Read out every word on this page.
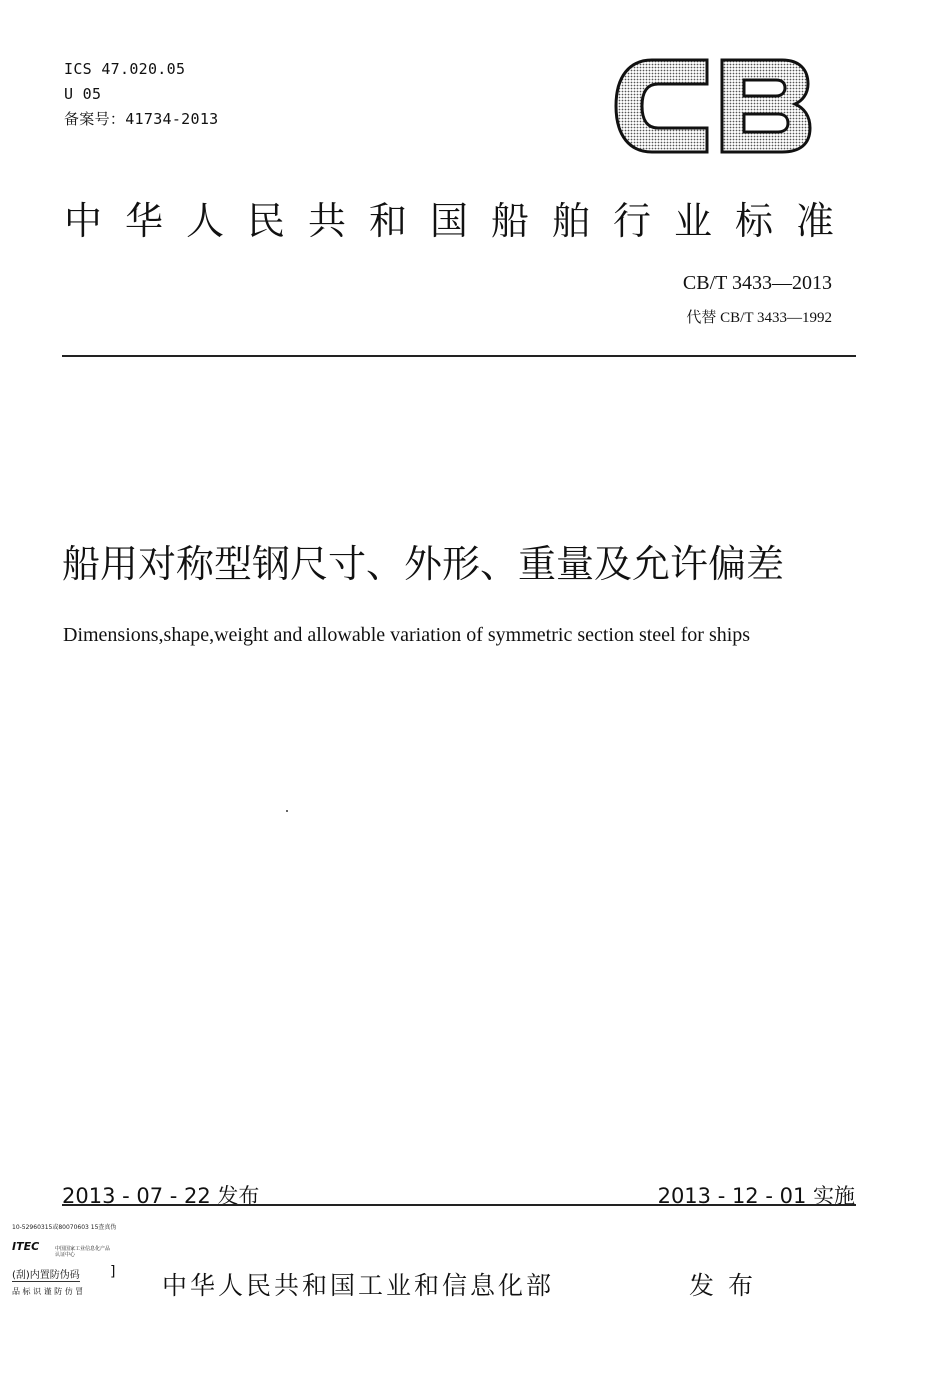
ICS 47.020.05
U 05
备案号：41734-2013
中华人民共和国船舶行业标准
CB/T 3433—2013
代替 CB/T 3433—1992
船用对称型钢尺寸、外形、重量及允许偏差
Dimensions,shape,weight and allowable variation of symmetric section steel for ships
2013 - 07 - 22 发布	2013 - 12 - 01 实施
10-52960315或80070603 15查真伪
ITEC	中国国家工业信息化产品认证中心
(刮)内置防伪码 ]
品 标 识 谨 防 仿 冒	中华人民共和国工业和信息化部	发布
